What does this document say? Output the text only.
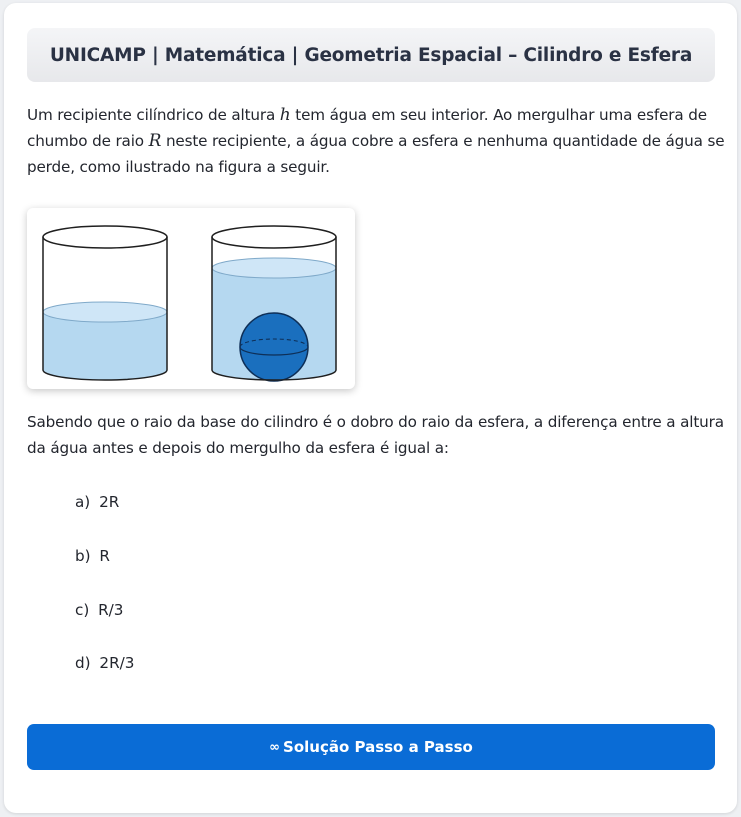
UNICAMP | Matemática | Geometria Espacial – Cilindro e Esfera

Um recipiente cilíndrico de altura h tem água em seu interior. Ao mergulhar uma esfera de chumbo de raio R neste recipiente, a água cobre a esfera e nenhuma quantidade de água se perde, como ilustrado na figura a seguir.

Sabendo que o raio da base do cilindro é o dobro do raio da esfera, a diferença entre a altura da água antes e depois do mergulho da esfera é igual a:

a) 2R
b) R
c) R/3
d) 2R/3
∞ Solução Passo a Passo
